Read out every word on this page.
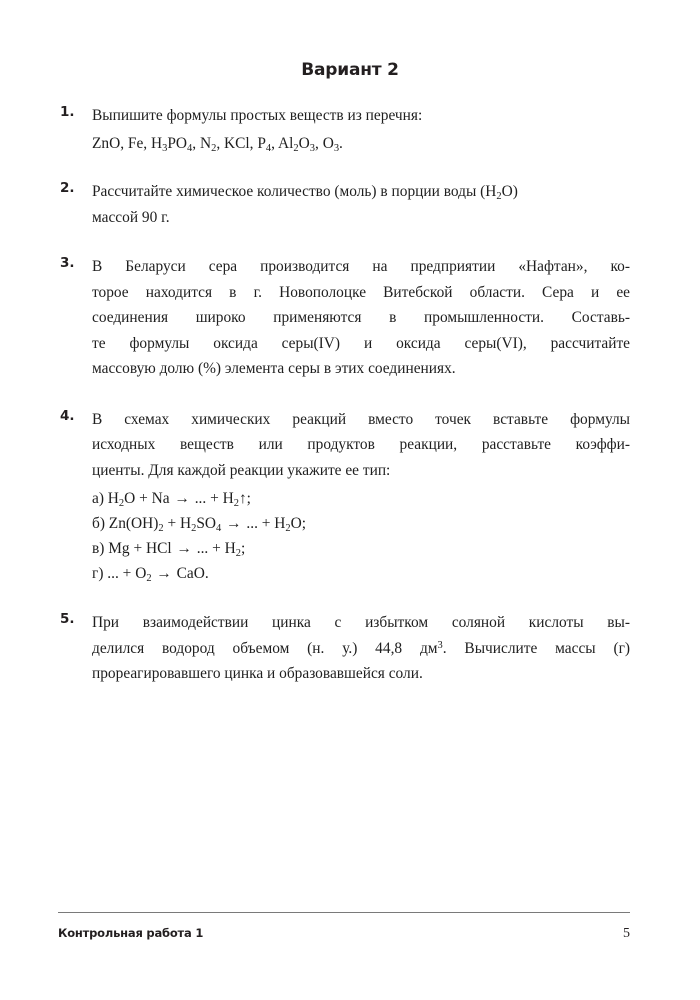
Вариант 2
1.	Выпишите формулы простых веществ из перечня:
ZnO, Fe, $H_3PO_4$, $N_2$, KCl, $P_4$, $Al_2O_3$, $O_3$.
2.	Рассчитайте химическое количество (моль) в порции воды $(H_2O)$
массой 90 г.
3.	В Беларуси сера производится на предприятии «Нафтан», ко-
торое находится в г. Новополоцке Витебской области. Сера и ее
соединения широко применяются в промышленности. Составь-
те формулы оксида серы(IV) и оксида серы(VI), рассчитайте
массовую долю (%) элемента серы в этих соединениях.
4.	В схемах химических реакций вместо точек вставьте формулы
исходных веществ или продуктов реакции, расставьте коэффи-
циенты. Для каждой реакции укажите ее тип:
а) $H_2O + Na$ → ... + $H_2↑$;
б) $Zn(OH)_2 + H_2SO_4$ → ... + $H_2O$;
в) Mg + HCl → ... + $H_2$;
г) ... + $O_2$ → CaO.
5.	При взаимодействии цинка с избытком соляной кислоты вы-
делился водород объемом (н. у.) 44,8 $дм^3$. Вычислите массы (г)
прореагировавшего цинка и образовавшейся соли.
Контрольная работа 1	5
